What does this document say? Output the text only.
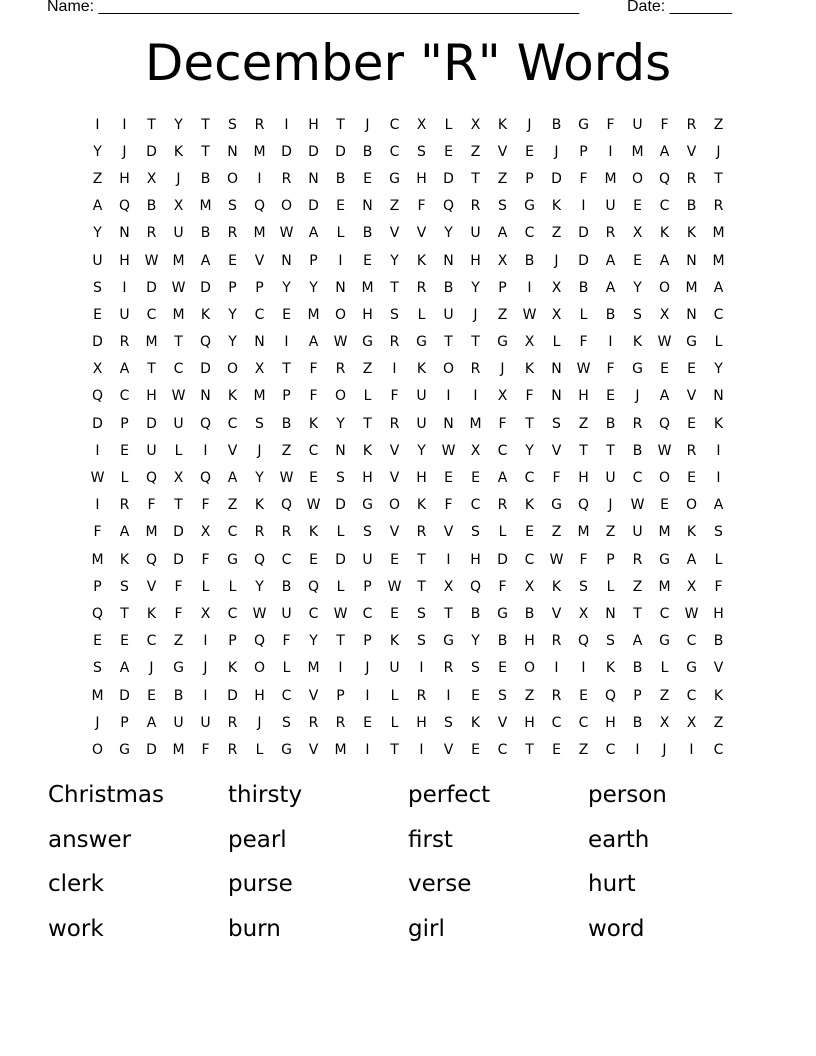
Name: ______________________________________________________	Date: _______
December "R" Words
I	I	T	Y	T	S	R	I	H	T	J	C	X	L	X	K	J	B	G	F	U	F	R	Z
Y	J	D	K	T	N	M	D	D	D	B	C	S	E	Z	V	E	J	P	I	M	A	V	J
Z	H	X	J	B	O	I	R	N	B	E	G	H	D	T	Z	P	D	F	M	O	Q	R	T
A	Q	B	X	M	S	Q	O	D	E	N	Z	F	Q	R	S	G	K	I	U	E	C	B	R
Y	N	R	U	B	R	M	W	A	L	B	V	V	Y	U	A	C	Z	D	R	X	K	K	M
U	H	W	M	A	E	V	N	P	I	E	Y	K	N	H	X	B	J	D	A	E	A	N	M
S	I	D	W	D	P	P	Y	Y	N	M	T	R	B	Y	P	I	X	B	A	Y	O	M	A
E	U	C	M	K	Y	C	E	M	O	H	S	L	U	J	Z	W	X	L	B	S	X	N	C
D	R	M	T	Q	Y	N	I	A	W	G	R	G	T	T	G	X	L	F	I	K	W	G	L
X	A	T	C	D	O	X	T	F	R	Z	I	K	O	R	J	K	N	W	F	G	E	E	Y
Q	C	H	W	N	K	M	P	F	O	L	F	U	I	I	X	F	N	H	E	J	A	V	N
D	P	D	U	Q	C	S	B	K	Y	T	R	U	N	M	F	T	S	Z	B	R	Q	E	K
I	E	U	L	I	V	J	Z	C	N	K	V	Y	W	X	C	Y	V	T	T	B	W	R	I
W	L	Q	X	Q	A	Y	W	E	S	H	V	H	E	E	A	C	F	H	U	C	O	E	I
I	R	F	T	F	Z	K	Q	W	D	G	O	K	F	C	R	K	G	Q	J	W	E	O	A
F	A	M	D	X	C	R	R	K	L	S	V	R	V	S	L	E	Z	M	Z	U	M	K	S
M	K	Q	D	F	G	Q	C	E	D	U	E	T	I	H	D	C	W	F	P	R	G	A	L
P	S	V	F	L	L	Y	B	Q	L	P	W	T	X	Q	F	X	K	S	L	Z	M	X	F
Q	T	K	F	X	C	W	U	C	W	C	E	S	T	B	G	B	V	X	N	T	C	W	H
E	E	C	Z	I	P	Q	F	Y	T	P	K	S	G	Y	B	H	R	Q	S	A	G	C	B
S	A	J	G	J	K	O	L	M	I	J	U	I	R	S	E	O	I	I	K	B	L	G	V
M	D	E	B	I	D	H	C	V	P	I	L	R	I	E	S	Z	R	E	Q	P	Z	C	K
J	P	A	U	U	R	J	S	R	R	E	L	H	S	K	V	H	C	C	H	B	X	X	Z
O	G	D	M	F	R	L	G	V	M	I	T	I	V	E	C	T	E	Z	C	I	J	I	C
Christmas	thirsty	perfect	person
answer	pearl	first	earth
clerk	purse	verse	hurt
work	burn	girl	word
